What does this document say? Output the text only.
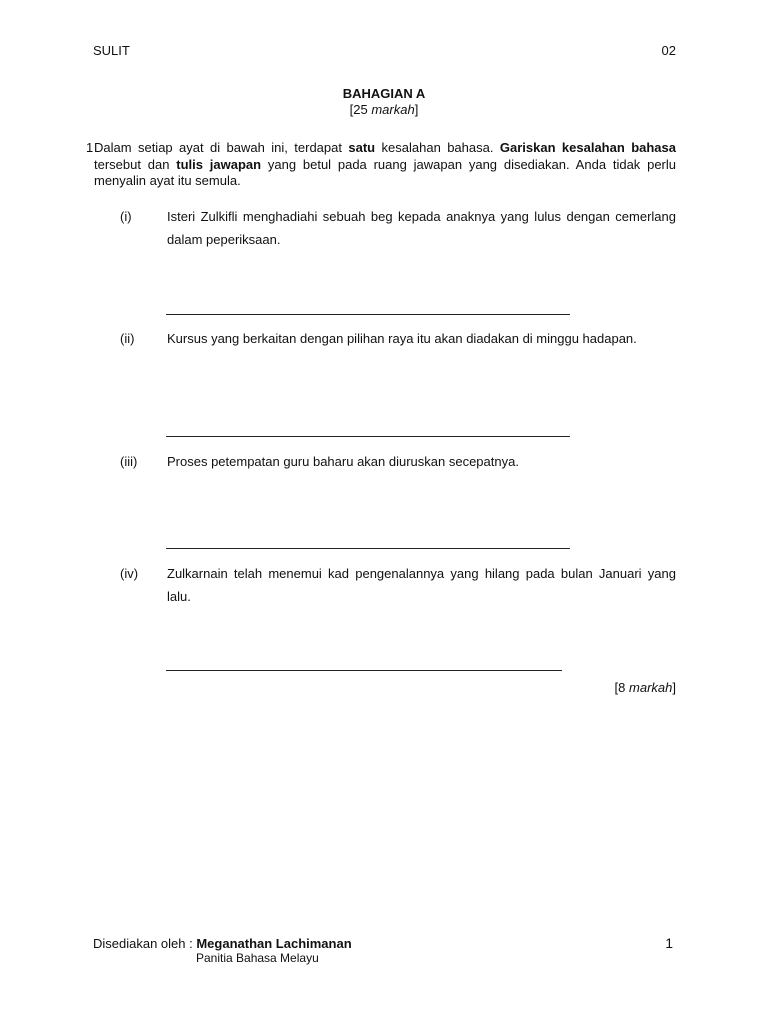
SULIT	02
BAHAGIAN A
[25 markah]
1 Dalam setiap ayat di bawah ini, terdapat satu kesalahan bahasa. Gariskan kesalahan bahasa tersebut dan tulis jawapan yang betul pada ruang jawapan yang disediakan. Anda tidak perlu menyalin ayat itu semula.
(i)	Isteri Zulkifli menghadiahi sebuah beg kepada anaknya yang lulus dengan cemerlang dalam peperiksaan.
(ii)	Kursus yang berkaitan dengan pilihan raya itu akan diadakan di minggu hadapan.
(iii) Proses petempatan guru baharu akan diuruskan secepatnya.
(iv) Zulkarnain telah menemui kad pengenalannya yang hilang pada bulan Januari yang lalu.
[8 markah]
Disediakan oleh : Meganathan Lachimanan
Panitia Bahasa Melayu
1
